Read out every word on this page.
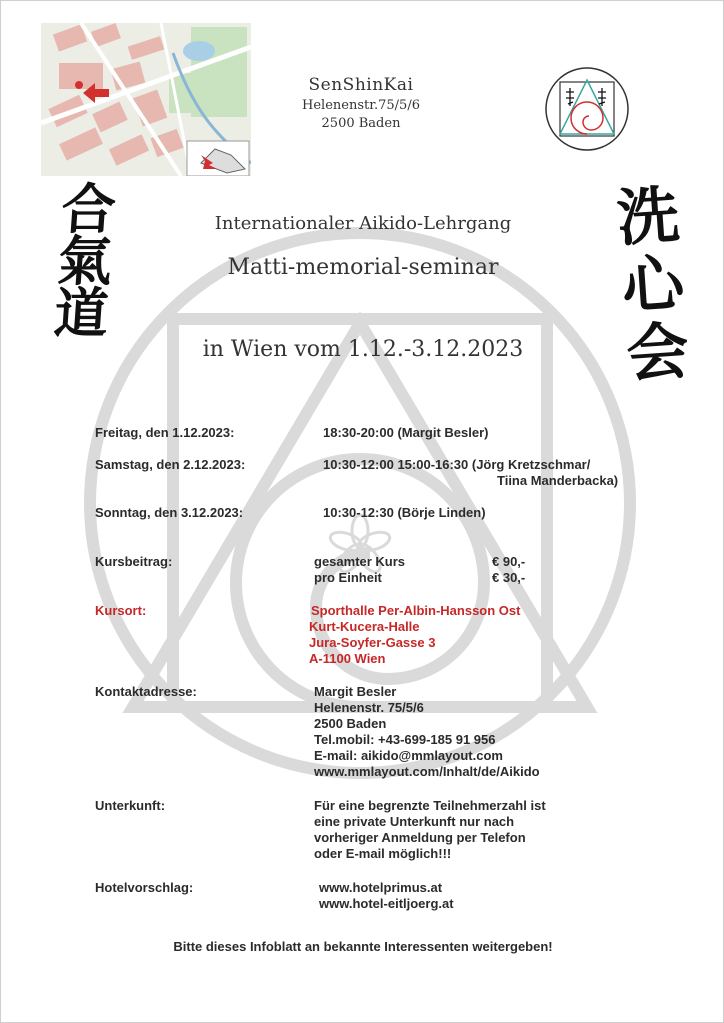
SenShinKai
Helenenstr.75/5/6
2500 Baden
合
氣
道
洗
心
会
Internationaler Aikido-Lehrgang
Matti-memorial-seminar
in Wien vom 1.12.-3.12.2023
Freitag, den 1.12.2023:	18:30-20:00 (Margit Besler)
Samstag, den 2.12.2023:	10:30-12:00 15:00-16:30 (Jörg Kretzschmar/
Tiina Manderbacka)
Sonntag, den 3.12.2023:	10:30-12:30 (Börje Linden)
Kursbeitrag:	gesamter Kurs	€ 90,-
pro Einheit	€ 30,-
Kursort:	Sporthalle Per-Albin-Hansson Ost
Kurt-Kucera-Halle
Jura-Soyfer-Gasse 3
A-1100 Wien
Kontaktadresse:	Margit Besler
Helenenstr. 75/5/6
2500 Baden
Tel.mobil: +43-699-185 91 956
E-mail: aikido@mmlayout.com
www.mmlayout.com/Inhalt/de/Aikido
Unterkunft:	Für eine begrenzte Teilnehmerzahl ist
eine private Unterkunft nur nach
vorheriger Anmeldung per Telefon
oder E-mail möglich!!!
Hotelvorschlag:	www.hotelprimus.at
www.hotel-eitljoerg.at
Bitte dieses Infoblatt an bekannte Interessenten weitergeben!
